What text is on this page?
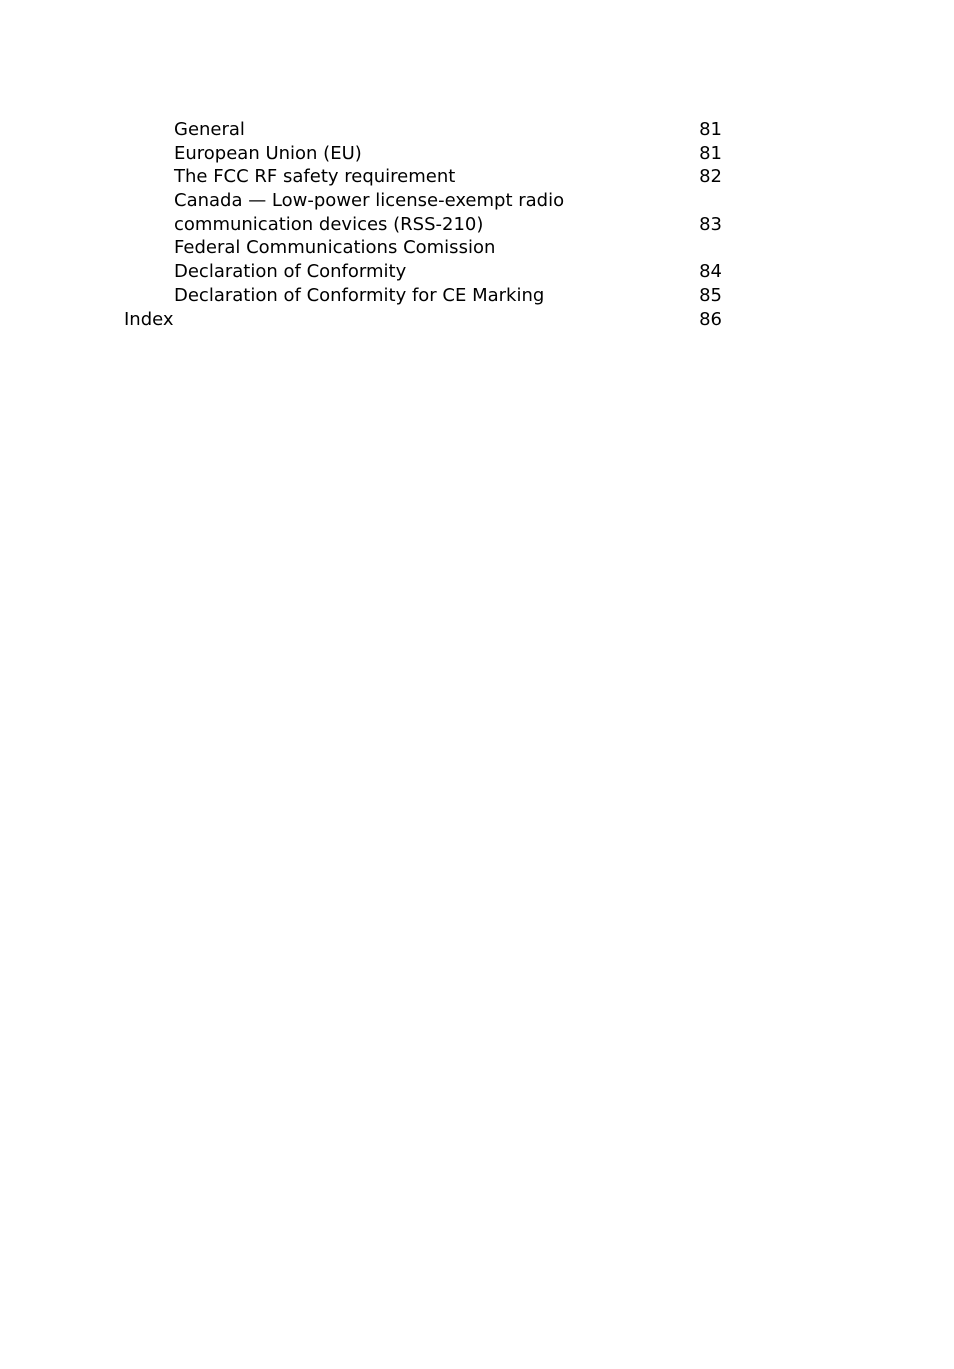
General	81
European Union (EU)	81
The FCC RF safety requirement	82
Canada — Low-power license-exempt radio
communication devices (RSS-210)	83
Federal Communications Comission
Declaration of Conformity	84
Declaration of Conformity for CE Marking	85
Index	86
